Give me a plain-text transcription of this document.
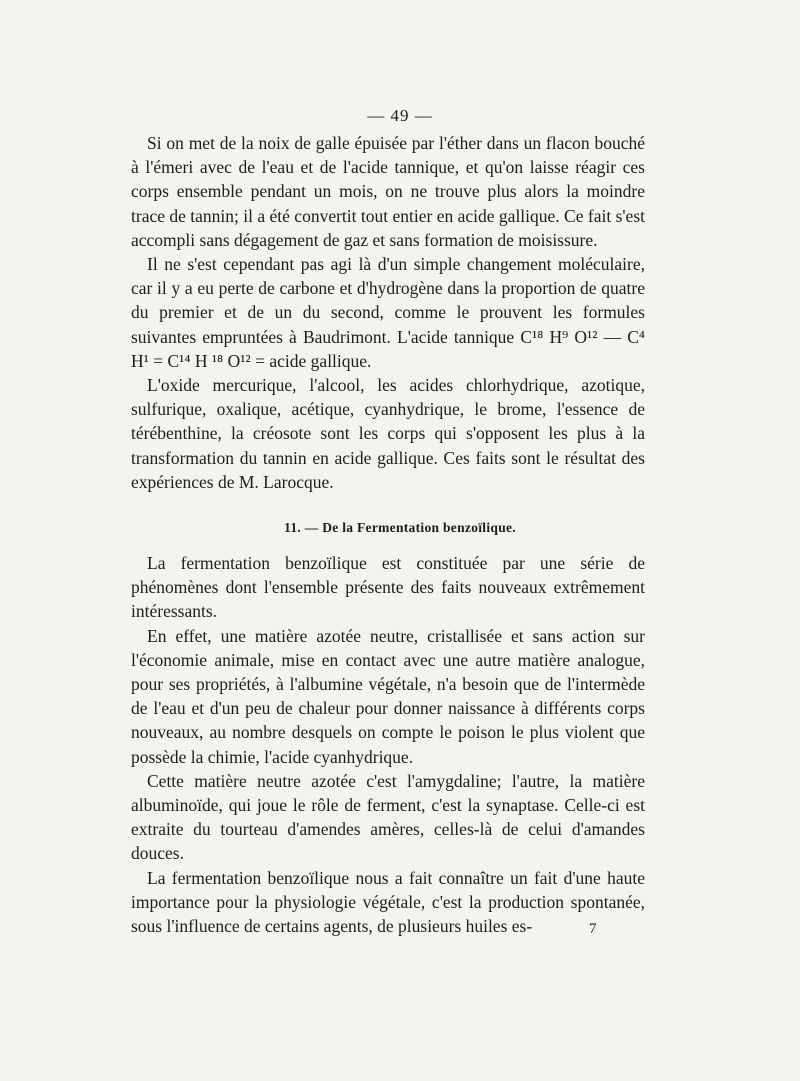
— 49 —

Si on met de la noix de galle épuisée par l'éther dans un flacon bouché à l'émeri avec de l'eau et de l'acide tannique, et qu'on laisse réagir ces corps ensemble pendant un mois, on ne trouve plus alors la moindre trace de tannin; il a été convertit tout entier en acide gallique. Ce fait s'est accompli sans dégagement de gaz et sans formation de moisissure.

Il ne s'est cependant pas agi là d'un simple changement moléculaire, car il y a eu perte de carbone et d'hydrogène dans la proportion de quatre du premier et de un du second, comme le prouvent les formules suivantes empruntées à Baudrimont. L'acide tannique C¹⁸ H⁹ O¹² — C⁴ H¹ = C¹⁴ H ¹⁸ O¹² = acide gallique.

L'oxide mercurique, l'alcool, les acides chlorhydrique, azotique, sulfurique, oxalique, acétique, cyanhydrique, le brome, l'essence de térébenthine, la créosote sont les corps qui s'opposent les plus à la transformation du tannin en acide gallique. Ces faits sont le résultat des expériences de M. Larocque.

11. — De la Fermentation benzoïlique.

La fermentation benzoïlique est constituée par une série de phénomènes dont l'ensemble présente des faits nouveaux extrêmement intéressants.

En effet, une matière azotée neutre, cristallisée et sans action sur l'économie animale, mise en contact avec une autre matière analogue, pour ses propriétés, à l'albumine végétale, n'a besoin que de l'intermède de l'eau et d'un peu de chaleur pour donner naissance à différents corps nouveaux, au nombre desquels on compte le poison le plus violent que possède la chimie, l'acide cyanhydrique.

Cette matière neutre azotée c'est l'amygdaline; l'autre, la matière albuminoïde, qui joue le rôle de ferment, c'est la synaptase. Celle-ci est extraite du tourteau d'amendes amères, celles-là de celui d'amandes douces.

La fermentation benzoïlique nous a fait connaître un fait d'une haute importance pour la physiologie végétale, c'est la production spontanée, sous l'influence de certains agents, de plusieurs huiles es-	7
